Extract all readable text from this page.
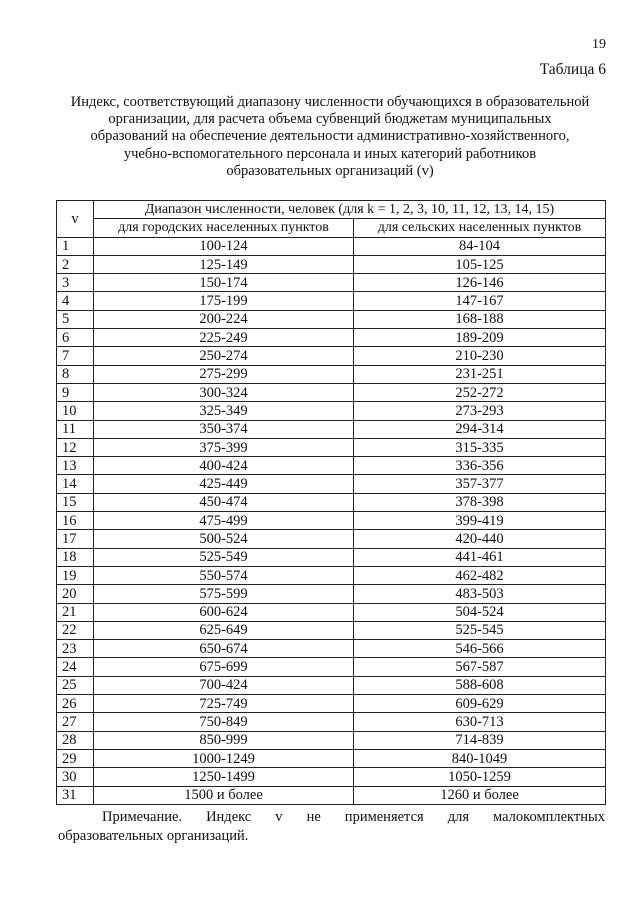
19
Таблица 6
Индекс, соответствующий диапазону численности обучающихся в образовательной
организации, для расчета объема субвенций бюджетам муниципальных
образований на обеспечение деятельности административно-хозяйственного,
учебно-вспомогательного персонала и иных категорий работников
образовательных организаций (v)
v	Диапазон численности, человек (для k = 1, 2, 3, 10, 11, 12, 13, 14, 15)	
	для городских населенных пунктов	для сельских населенных пунктов
1	100-124	84-104
2	125-149	105-125
3	150-174	126-146
4	175-199	147-167
5	200-224	168-188
6	225-249	189-209
7	250-274	210-230
8	275-299	231-251
9	300-324	252-272
10	325-349	273-293
11	350-374	294-314
12	375-399	315-335
13	400-424	336-356
14	425-449	357-377
15	450-474	378-398
16	475-499	399-419
17	500-524	420-440
18	525-549	441-461
19	550-574	462-482
20	575-599	483-503
21	600-624	504-524
22	625-649	525-545
23	650-674	546-566
24	675-699	567-587
25	700-424	588-608
26	725-749	609-629
27	750-849	630-713
28	850-999	714-839
29	1000-1249	840-1049
30	1250-1499	1050-1259
31	1500 и более	1260 и более
Примечание. Индекс v не применяется для малокомплектных
образовательных организаций.
